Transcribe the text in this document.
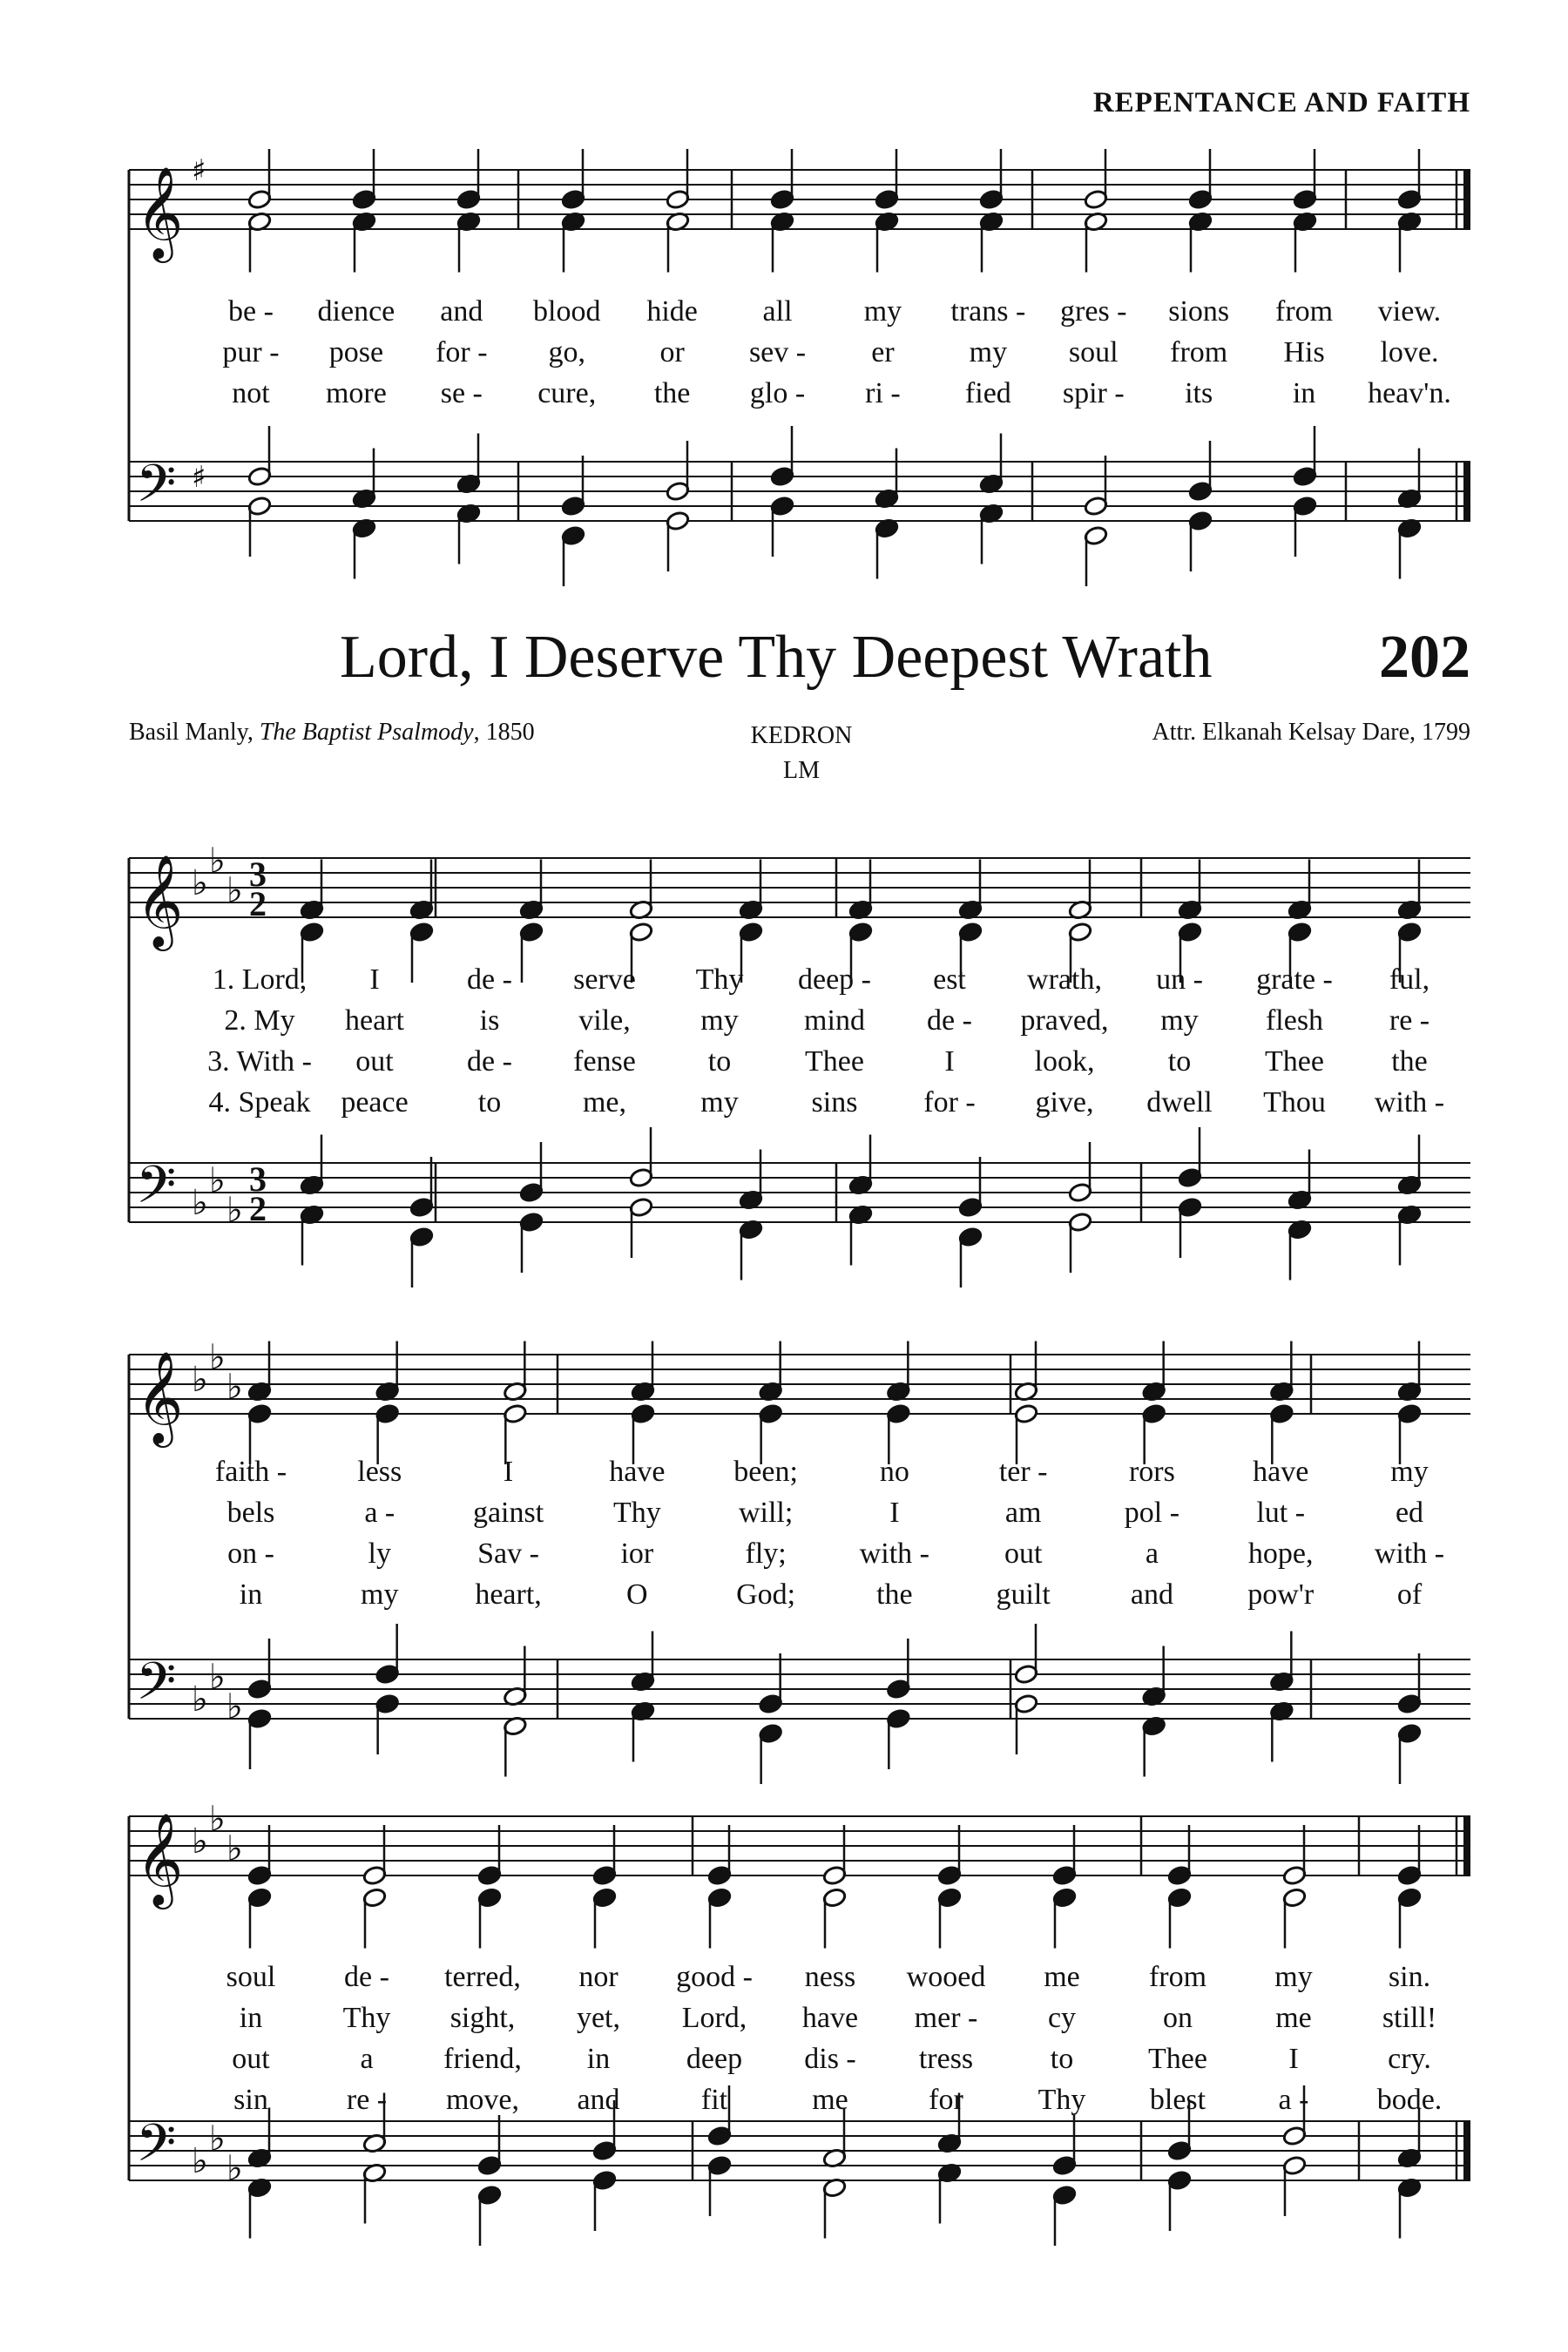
REPENTANCE AND FAITH
Lord, I Deserve Thy Deepest Wrath	202
Basil Manly, The Baptist Psalmody, 1850	KEDRON
LM
Attr. Elkanah Kelsay Dare, 1799
𝄞
𝄢
♯
♯
be - dience and blood hide all my trans - gres - sions from view.
pur - pose for - go,	or sev - er	my soul from His love.
not more se - cure, the glo - ri - fied spir - its	in heav'n.
𝄞
𝄢
♭
♭
♭
♭
♭
♭
3
2
3
2
1. Lord, I	de - serve Thy deep - est wrath, un - grate - ful,
2. My heart	is	vile, my mind de - praved, my flesh re -
3. With - out de - fense to Thee	I	look, to Thee the
4. Speak peace to	me,	my sins for - give, dwell Thou with -
𝄞
𝄢
♭
♭
♭
♭
♭
♭
faith - less	I	have been;	no	ter -	rors	have	my
bels	a -	gainst Thy	will;	I	am	pol -	lut -	ed
on -	ly	Sav -	ior	fly; with -	out	a	hope, with -
in	my	heart,	O	God;	the	guilt	and	pow'r	of
𝄞
𝄢
♭
♭
♭
♭
♭
♭
soul de - terred, nor good - ness wooed me from my	sin.
in	Thy sight, yet, Lord, have mer - cy	on	me still!
out	a friend, in	deep dis - tress	to	Thee	I	cry.
sin	re - move, and	fit	me	for	Thy blest a - bode.
